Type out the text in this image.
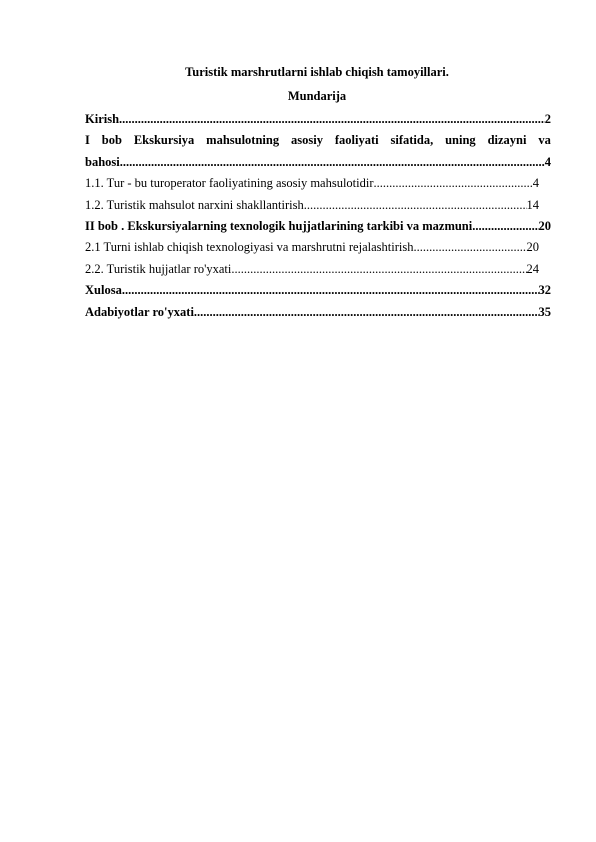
Turistik marshrutlarni ishlab chiqish tamoyillari.
Mundarija
Kirish .....	2
I bob Ekskursiya mahsulotning asosiy faoliyati sifatida, uning dizayni va
bahosi .....	4
1.1. Tur - bu turoperator faoliyatining asosiy mahsulotidir .....	4
1.2. Turistik mahsulot narxini shakllantirish .....	14
II bob . Ekskursiyalarning texnologik hujjatlarining tarkibi va mazmuni .....	20
2.1 Turni ishlab chiqish texnologiyasi va marshrutni rejalashtirish .....	20
2.2. Turistik hujjatlar ro'yxati .....	24
Xulosa .....	32
Adabiyotlar ro'yxati .....	35
